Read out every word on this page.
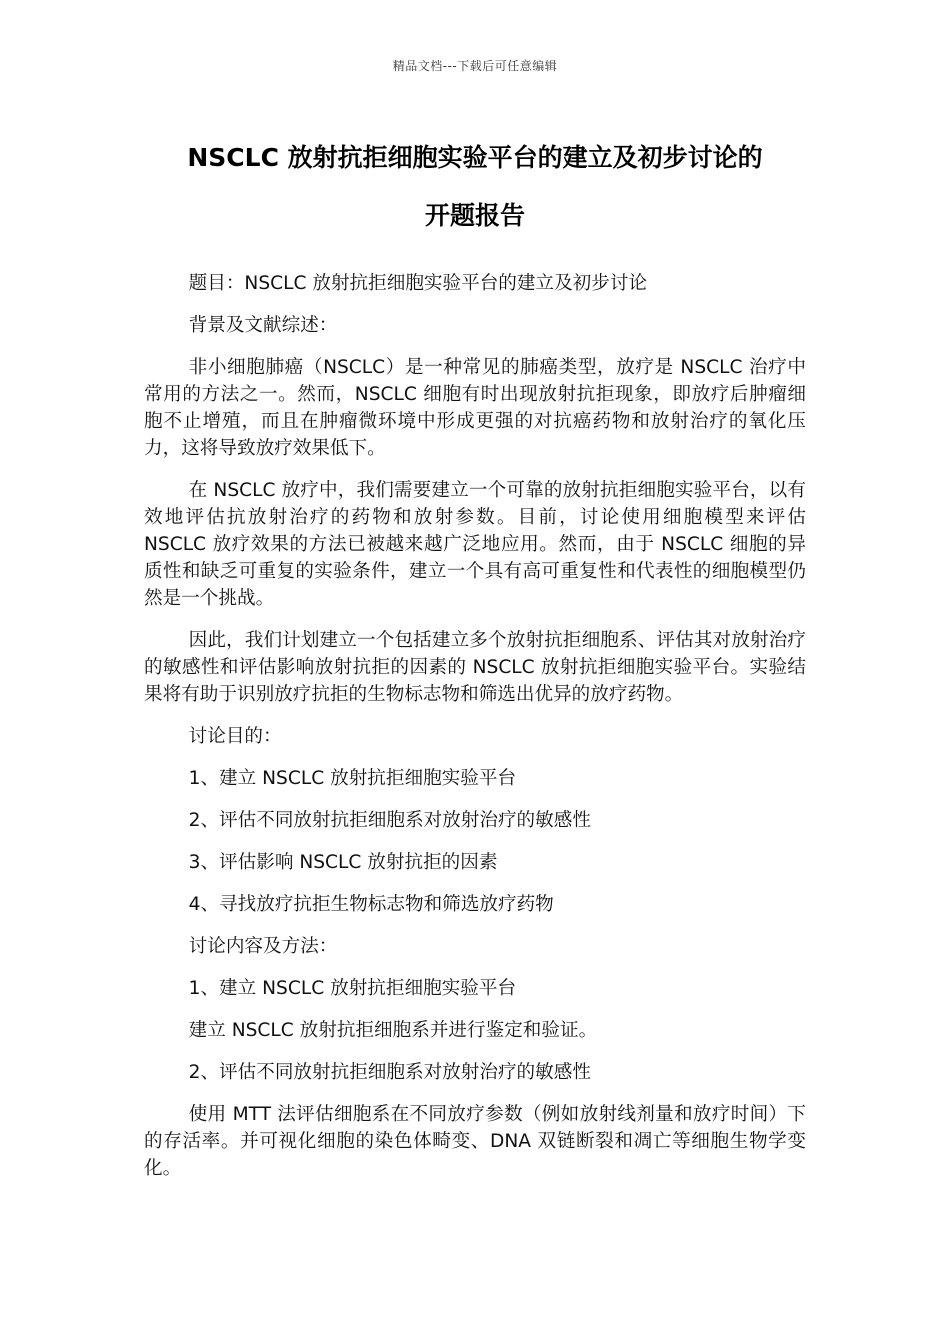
精品文档---下载后可任意编辑
NSCLC 放射抗拒细胞实验平台的建立及初步讨论的
开题报告

题目：NSCLC 放射抗拒细胞实验平台的建立及初步讨论

背景及文献综述：

非小细胞肺癌（NSCLC）是一种常见的肺癌类型，放疗是 NSCLC 治疗中常用的方法之一。然而，NSCLC 细胞有时出现放射抗拒现象，即放疗后肿瘤细胞不止增殖，而且在肿瘤微环境中形成更强的对抗癌药物和放射治疗的氧化压力，这将导致放疗效果低下。

在 NSCLC 放疗中，我们需要建立一个可靠的放射抗拒细胞实验平台，以有效地评估抗放射治疗的药物和放射参数。目前，讨论使用细胞模型来评估 NSCLC 放疗效果的方法已被越来越广泛地应用。然而，由于 NSCLC 细胞的异质性和缺乏可重复的实验条件，建立一个具有高可重复性和代表性的细胞模型仍然是一个挑战。

因此，我们计划建立一个包括建立多个放射抗拒细胞系、评估其对放射治疗的敏感性和评估影响放射抗拒的因素的 NSCLC 放射抗拒细胞实验平台。实验结果将有助于识别放疗抗拒的生物标志物和筛选出优异的放疗药物。

讨论目的：

1、建立 NSCLC 放射抗拒细胞实验平台

2、评估不同放射抗拒细胞系对放射治疗的敏感性

3、评估影响 NSCLC 放射抗拒的因素

4、寻找放疗抗拒生物标志物和筛选放疗药物

讨论内容及方法：

1、建立 NSCLC 放射抗拒细胞实验平台

建立 NSCLC 放射抗拒细胞系并进行鉴定和验证。

2、评估不同放射抗拒细胞系对放射治疗的敏感性

使用 MTT 法评估细胞系在不同放疗参数（例如放射线剂量和放疗时间）下的存活率。并可视化细胞的染色体畸变、DNA 双链断裂和凋亡等细胞生物学变化。
